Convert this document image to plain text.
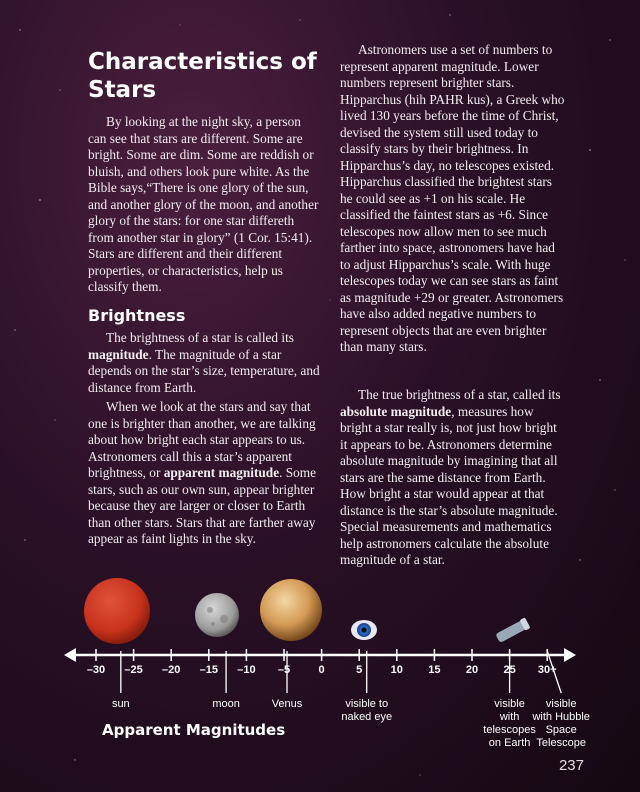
Characteristics of Stars

By looking at the night sky, a person can see that stars are different. Some are bright. Some are dim. Some are reddish or bluish, and others look pure white. As the Bible says,“There is one glory of the sun, and another glory of the moon, and another glory of the stars: for one star differeth from another star in glory” (1 Cor. 15:41). Stars are different and their different properties, or characteristics, help us classify them.

Brightness

The brightness of a star is called its magnitude. The magnitude of a star depends on the star’s size, temperature, and distance from Earth.

When we look at the stars and say that one is brighter than another, we are talking about how bright each star appears to us. Astronomers call this a star’s apparent brightness, or apparent magnitude. Some stars, such as our own sun, appear brighter because they are larger or closer to Earth than other stars. Stars that are farther away appear as faint lights in the sky.

Astronomers use a set of numbers to represent apparent magnitude. Lower numbers represent brighter stars. Hipparchus (hih PAHR kus), a Greek who lived 130 years before the time of Christ, devised the system still used today to classify stars by their brightness. In Hipparchus’s day, no telescopes existed. Hipparchus classified the brightest stars he could see as +1 on his scale. He classified the faintest stars as +6. Since telescopes now allow men to see much farther into space, astronomers have had to adjust Hipparchus’s scale. With huge telescopes today we can see stars as faint as magnitude +29 or greater. Astronomers have also added negative numbers to represent objects that are even brighter than many stars.

The true brightness of a star, called its absolute magnitude, measures how bright a star really is, not just how bright it appears to be. Astronomers determine absolute magnitude by imagining that all stars are the same distance from Earth. How bright a star would appear at that distance is the star’s absolute magnitude. Special measurements and mathematics help astronomers calculate the absolute magnitude of a star.

–30 –25 –20 –15 –10 –5	0	5	10 15 20 25 30+
sun	moon	Venus	visible to naked eye
visible with telescopes on Earth
visible with Hubble Space Telescope
Apparent Magnitudes
237
